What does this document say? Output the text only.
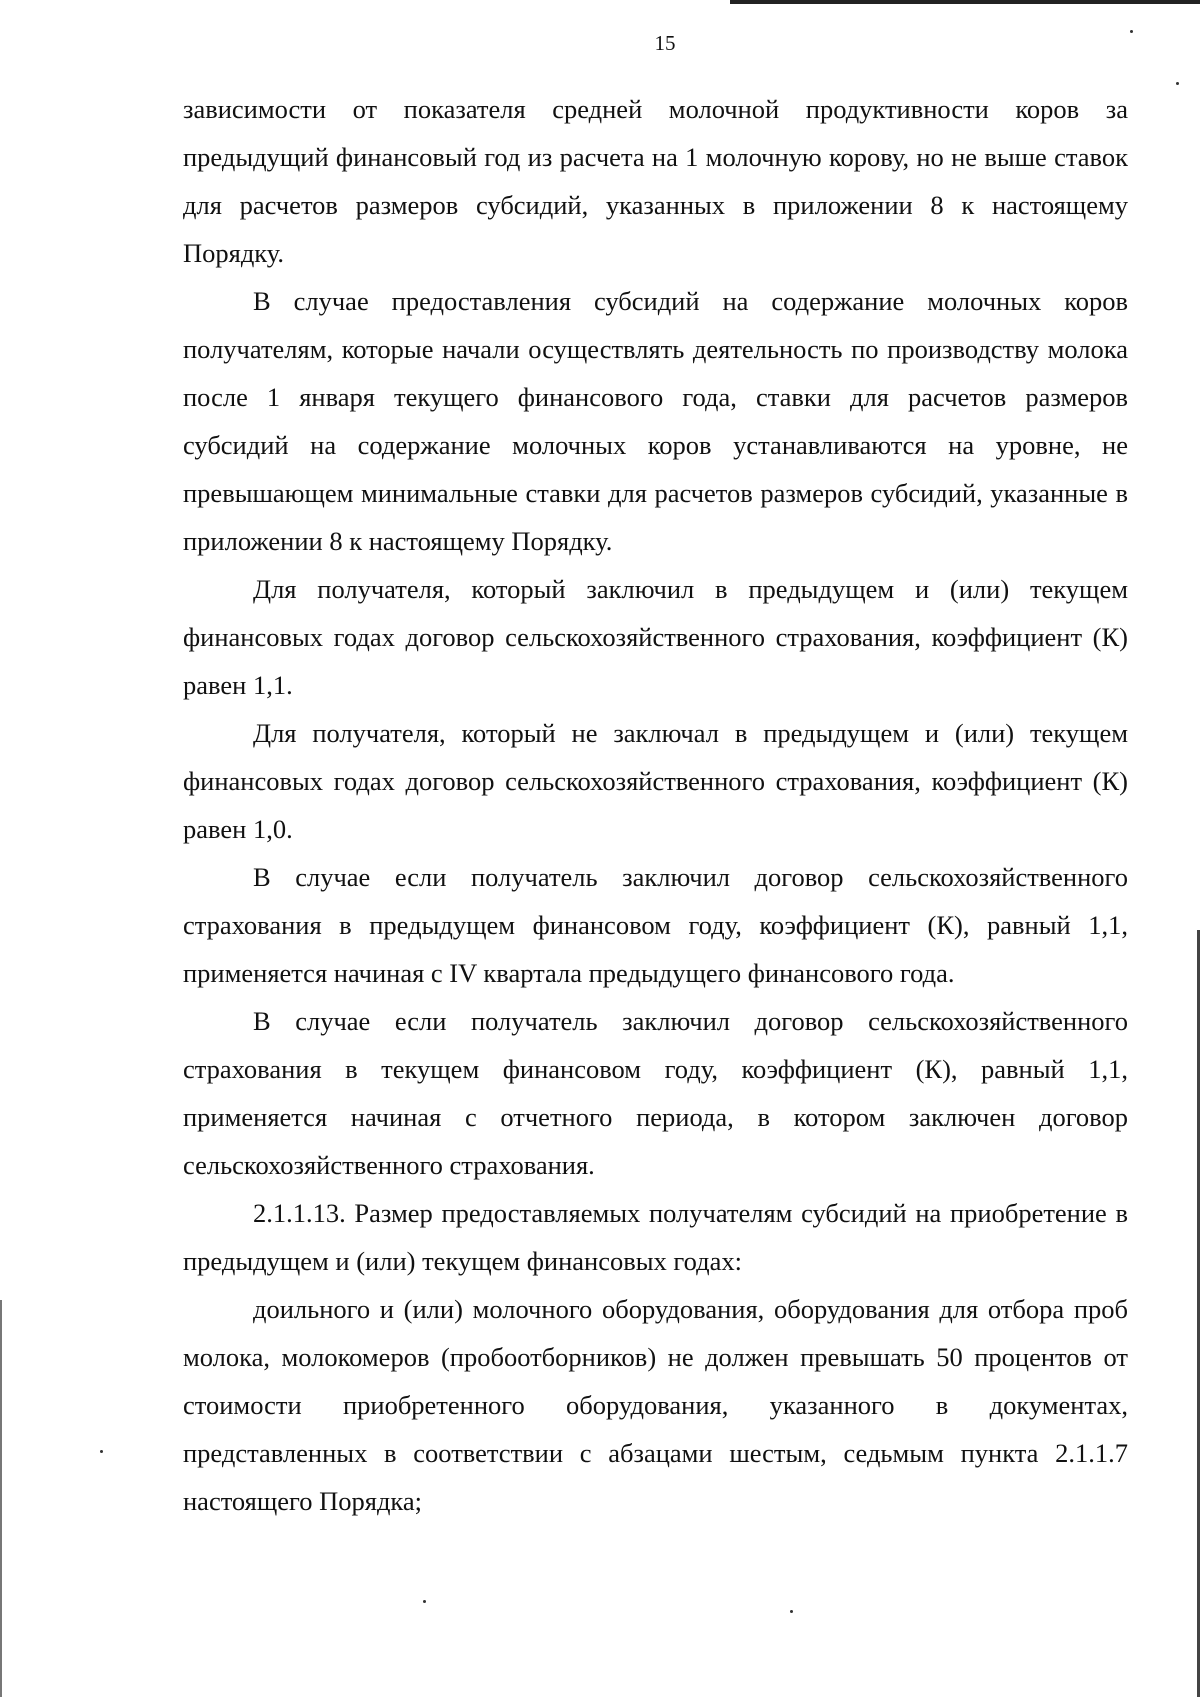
15

зависимости от показателя средней молочной продуктивности коров за предыдущий финансовый год из расчета на 1 молочную корову, но не выше ставок для расчетов размеров субсидий, указанных в приложении 8 к настоящему Порядку.

В случае предоставления субсидий на содержание молочных коров получателям, которые начали осуществлять деятельность по производству молока после 1 января текущего финансового года, ставки для расчетов размеров субсидий на содержание молочных коров устанавливаются на уровне, не превышающем минимальные ставки для расчетов размеров субсидий, указанные в приложении 8 к настоящему Порядку.

Для получателя, который заключил в предыдущем и (или) текущем финансовых годах договор сельскохозяйственного страхования, коэффициент (К) равен 1,1.

Для получателя, который не заключал в предыдущем и (или) текущем финансовых годах договор сельскохозяйственного страхования, коэффициент (К) равен 1,0.

В случае если получатель заключил договор сельскохозяйственного страхования в предыдущем финансовом году, коэффициент (К), равный 1,1, применяется начиная с IV квартала предыдущего финансового года.

В случае если получатель заключил договор сельскохозяйственного страхования в текущем финансовом году, коэффициент (К), равный 1,1, применяется начиная с отчетного периода, в котором заключен договор сельскохозяйственного страхования.

2.1.1.13. Размер предоставляемых получателям субсидий на приобретение в предыдущем и (или) текущем финансовых годах:

доильного и (или) молочного оборудования, оборудования для отбора проб молока, молокомеров (пробоотборников) не должен превышать 50 процентов от стоимости приобретенного оборудования, указанного в документах, представленных в соответствии с абзацами шестым, седьмым пункта 2.1.1.7 настоящего Порядка;
